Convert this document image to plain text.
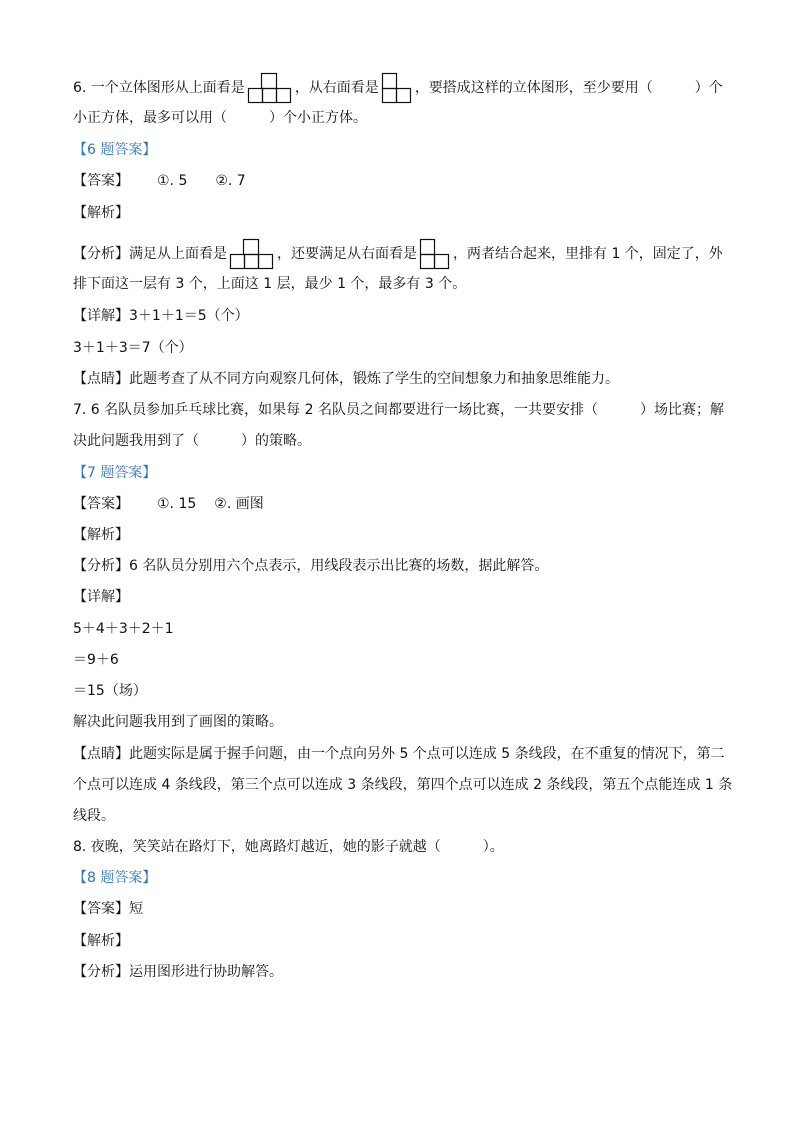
6. 一个立体图形从上面看是	，从右面看是	，要搭成这样的立体图形，至少要用（　　　）个
小正方体，最多可以用（　　　）个小正方体。
【6 题答案】
【答案】 ①. 5 ②. 7
【解析】
【分析】满足从上面看是	，还要满足从右面看是	，两者结合起来，里排有 1 个，固定了，外
排下面这一层有 3 个，上面这 1 层，最少 1 个，最多有 3 个。
【详解】3＋1＋1＝5（个）
3＋1＋3＝7（个）
【点睛】此题考查了从不同方向观察几何体，锻炼了学生的空间想象力和抽象思维能力。
7. 6 名队员参加乒乓球比赛，如果每 2 名队员之间都要进行一场比赛，一共要安排（　　　）场比赛；解
决此问题我用到了（　　　）的策略。
【7 题答案】
【答案】 ①. 15 ②. 画图
【解析】
【分析】6 名队员分别用六个点表示，用线段表示出比赛的场数，据此解答。
【详解】
5＋4＋3＋2＋1
＝9＋6
＝15（场）
解决此问题我用到了画图的策略。
【点睛】此题实际是属于握手问题，由一个点向另外 5 个点可以连成 5 条线段，在不重复的情况下，第二
个点可以连成 4 条线段，第三个点可以连成 3 条线段，第四个点可以连成 2 条线段，第五个点能连成 1 条
线段。
8. 夜晚，笑笑站在路灯下，她离路灯越近，她的影子就越（　　　）。
【8 题答案】
【答案】短
【解析】
【分析】运用图形进行协助解答。
